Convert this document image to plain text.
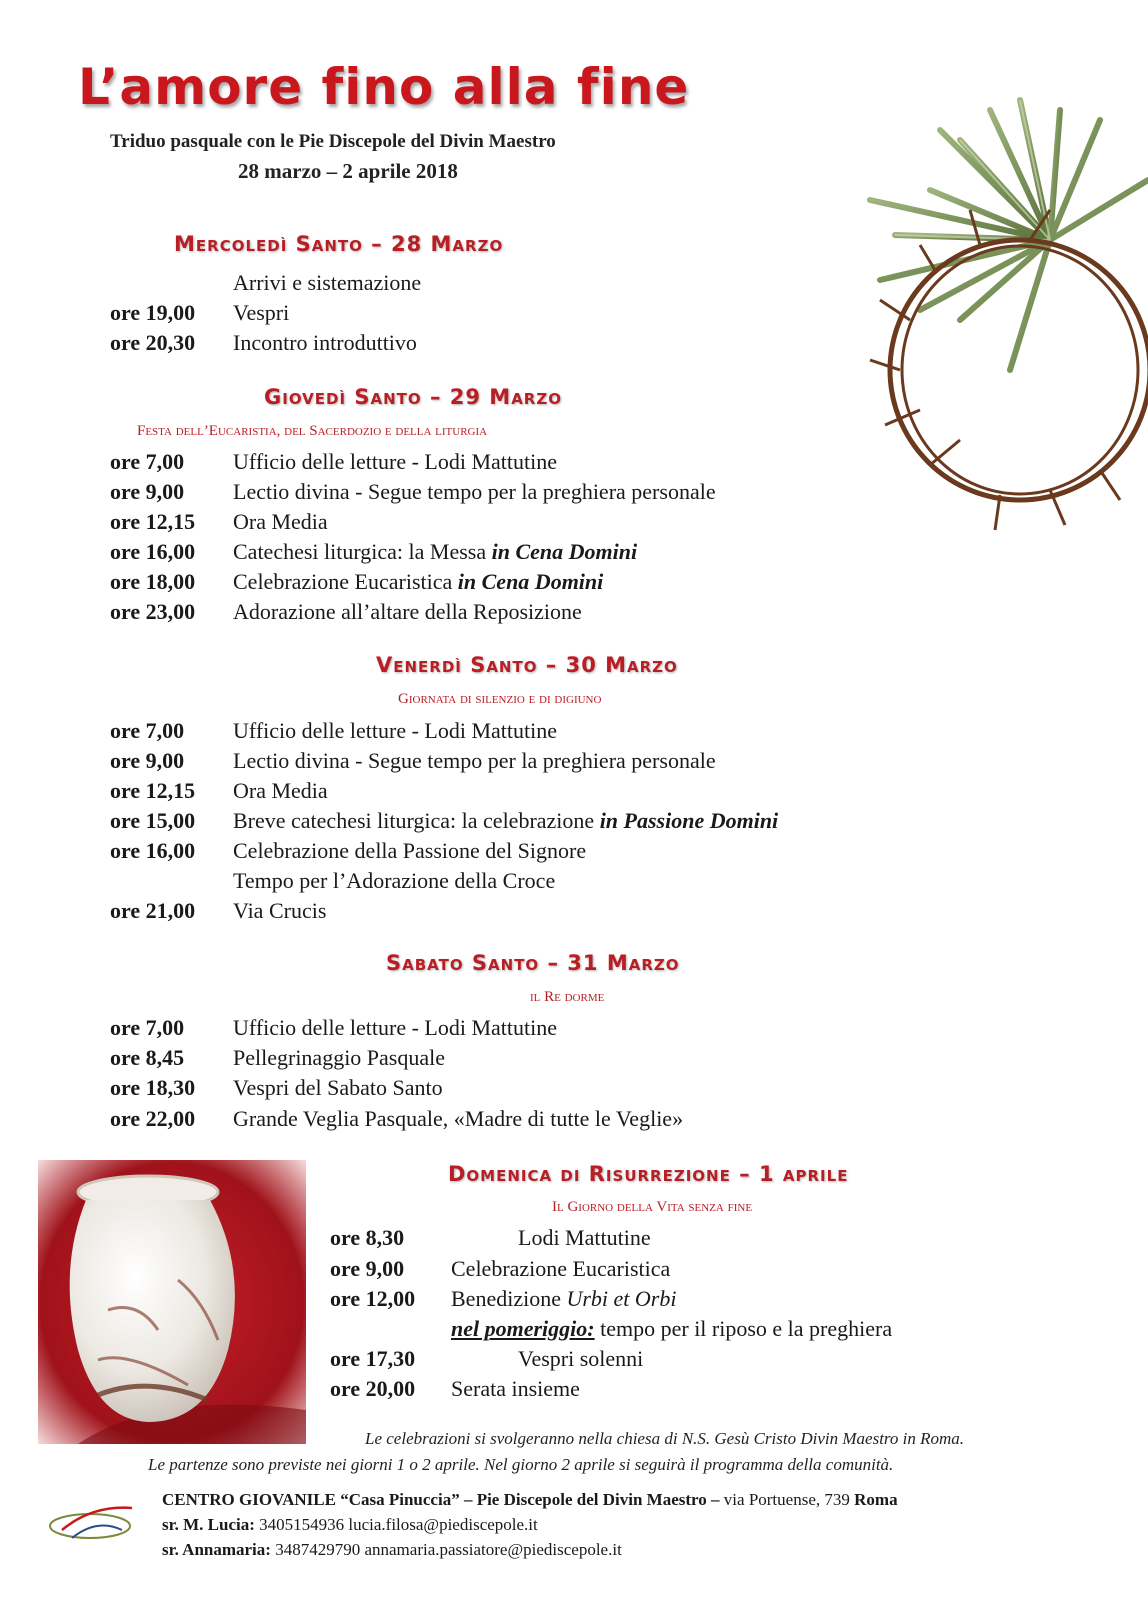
L’amore fino alla fine
Triduo pasquale con le Pie Discepole del Divin Maestro
28 marzo – 2 aprile 2018
Mercoledì Santo – 28 Marzo
Arrivi e sistemazione
ore 19,00	Vespri
ore 20,30	Incontro introduttivo
Giovedì Santo – 29 Marzo
Festa dell’Eucaristia, del Sacerdozio e della liturgia
ore 7,00	Ufficio delle letture - Lodi Mattutine
ore 9,00	Lectio divina - Segue tempo per la preghiera personale
ore 12,15	Ora Media
ore 16,00	Catechesi liturgica: la Messa in Cena Domini
ore 18,00	Celebrazione Eucaristica in Cena Domini
ore 23,00	Adorazione all’altare della Reposizione
Venerdì Santo – 30 Marzo
Giornata di silenzio e di digiuno
ore 7,00	Ufficio delle letture - Lodi Mattutine
ore 9,00	Lectio divina - Segue tempo per la preghiera personale
ore 12,15	Ora Media
ore 15,00	Breve catechesi liturgica: la celebrazione in Passione Domini
ore 16,00	Celebrazione della Passione del Signore
Tempo per l’Adorazione della Croce
ore 21,00	Via Crucis
Sabato Santo – 31 Marzo
il Re dorme
ore 7,00	Ufficio delle letture - Lodi Mattutine
ore 8,45	Pellegrinaggio Pasquale
ore 18,30	Vespri del Sabato Santo
ore 22,00	Grande Veglia Pasquale, «Madre di tutte le Veglie»
Domenica di Risurrezione – 1 aprile
Il Giorno della Vita senza fine
ore 8,30	Lodi Mattutine
ore 9,00 Celebrazione Eucaristica
ore 12,00 Benedizione Urbi et Orbi
nel pomeriggio: tempo per il riposo e la preghiera
ore 17,30	Vespri solenni
ore 20,00 Serata insieme
Le celebrazioni si svolgeranno nella chiesa di N.S. Gesù Cristo Divin Maestro in Roma.
Le partenze sono previste nei giorni 1 o 2 aprile. Nel giorno 2 aprile si seguirà il programma della comunità.
CENTRO GIOVANILE “Casa Pinuccia” – Pie Discepole del Divin Maestro – via Portuense, 739 Roma
sr. M. Lucia: 3405154936 lucia.filosa@piediscepole.it
sr. Annamaria: 3487429790 annamaria.passiatore@piediscepole.it
